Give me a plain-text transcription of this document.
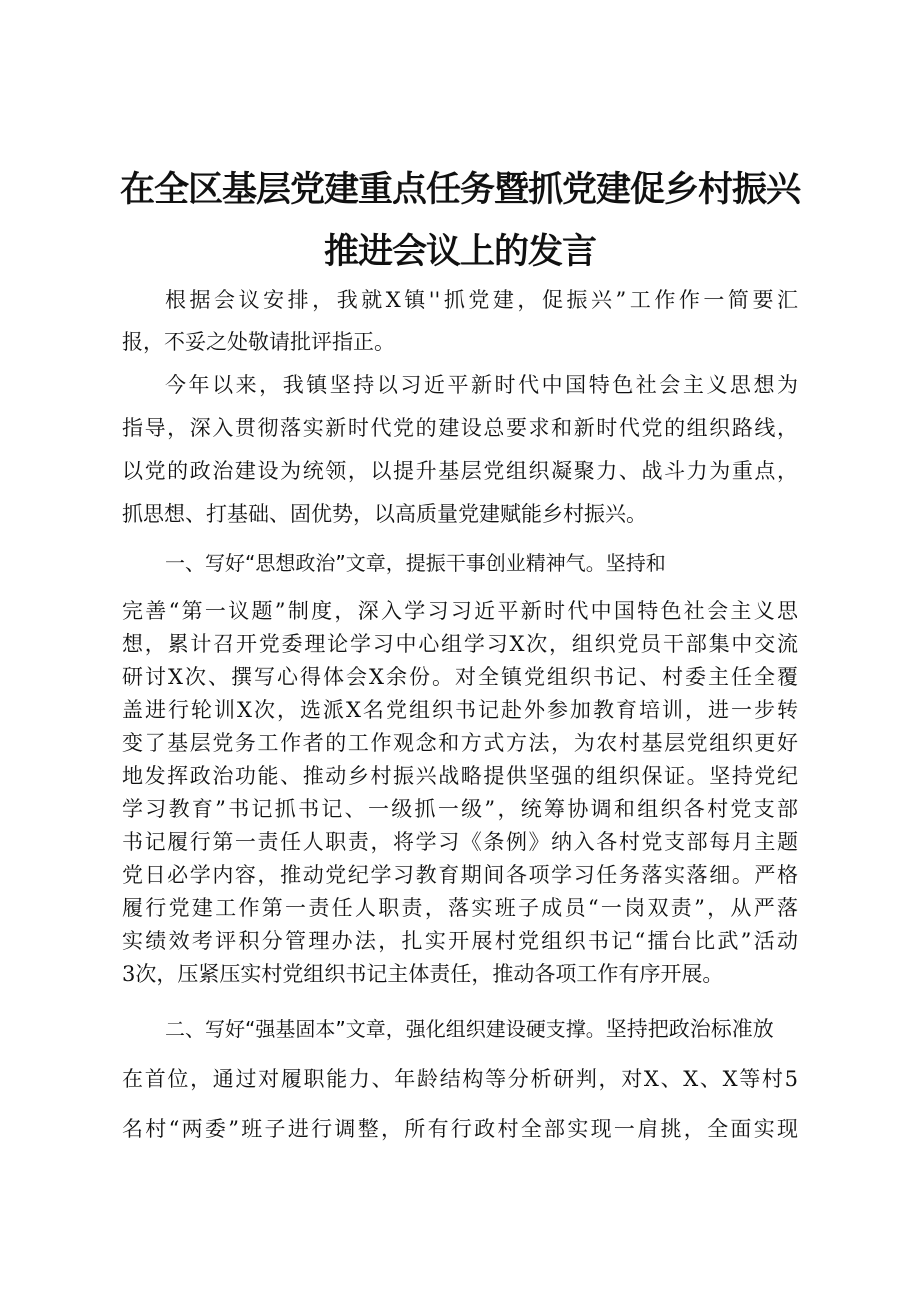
在全区基层党建重点任务暨抓党建促乡村振兴
推进会议上的发言
根据会议安排，我就X镇''抓党建，促振兴”工作作一简要汇
报，不妥之处敬请批评指正。
今年以来，我镇坚持以习近平新时代中国特色社会主义思想为
指导，深入贯彻落实新时代党的建设总要求和新时代党的组织路线，
以党的政治建设为统领，以提升基层党组织凝聚力、战斗力为重点，
抓思想、打基础、固优势，以高质量党建赋能乡村振兴。
一、写好“思想政治”文章，提振干事创业精神气。坚持和
完善“第一议题”制度，深入学习习近平新时代中国特色社会主义思
想，累计召开党委理论学习中心组学习X次，组织党员干部集中交流
研讨X次、撰写心得体会X余份。对全镇党组织书记、村委主任全覆
盖进行轮训X次，选派X名党组织书记赴外参加教育培训，进一步转
变了基层党务工作者的工作观念和方式方法，为农村基层党组织更好
地发挥政治功能、推动乡村振兴战略提供坚强的组织保证。坚持党纪
学习教育”书记抓书记、一级抓一级”，统筹协调和组织各村党支部
书记履行第一责任人职责，将学习《条例》纳入各村党支部每月主题
党日必学内容，推动党纪学习教育期间各项学习任务落实落细。严格
履行党建工作第一责任人职责，落实班子成员“一岗双责”，从严落
实绩效考评积分管理办法，扎实开展村党组织书记“擂台比武”活动
3次，压紧压实村党组织书记主体责任，推动各项工作有序开展。
二、写好“强基固本”文章，强化组织建设硬支撑。坚持把政治标准放
在首位，通过对履职能力、年龄结构等分析研判，对X、X、X等村5
名村“两委”班子进行调整，所有行政村全部实现一肩挑，全面实现
